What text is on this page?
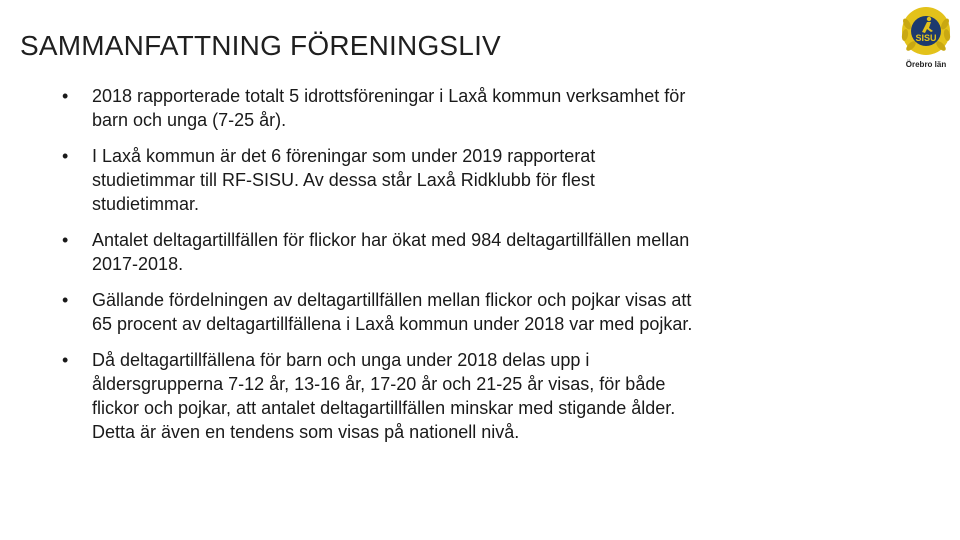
SAMMANFATTNING FÖRENINGSLIV	SISU
Örebro län
• 2018 rapporterade totalt 5 idrottsföreningar i Laxå kommun verksamhet för barn och unga (7-25 år).
• I Laxå kommun är det 6 föreningar som under 2019 rapporterat studietimmar till RF-SISU. Av dessa står Laxå Ridklubb för flest studietimmar.
• Antalet deltagartillfällen för flickor har ökat med 984 deltagartillfällen mellan 2017-2018.
• Gällande fördelningen av deltagartillfällen mellan flickor och pojkar visas att 65 procent av deltagartillfällena i Laxå kommun under 2018 var med pojkar.
• Då deltagartillfällena för barn och unga under 2018 delas upp i åldersgrupperna 7-12 år, 13-16 år, 17-20 år och 21-25 år visas, för både flickor och pojkar, att antalet deltagartillfällen minskar med stigande ålder. Detta är även en tendens som visas på nationell nivå.
